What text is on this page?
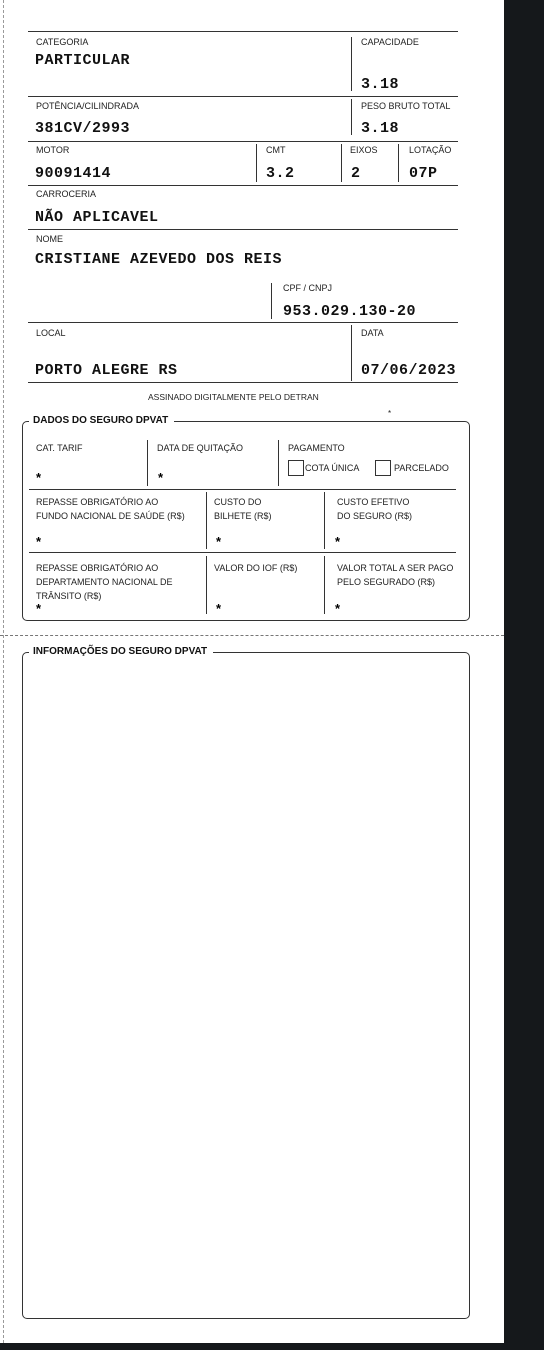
CATEGORIA
PARTICULAR
CAPACIDADE
3.18
POTÊNCIA/CILINDRADA
381CV/2993
PESO BRUTO TOTAL
3.18
MOTOR
90091414
CMT
3.2
EIXOS
2
LOTAÇÃO
07P
CARROCERIA
NÃO APLICAVEL
NOME
CRISTIANE AZEVEDO DOS REIS
CPF / CNPJ
953.029.130-20
LOCAL
PORTO ALEGRE RS
DATA
07/06/2023
ASSINADO DIGITALMENTE PELO DETRAN
*
DADOS DO SEGURO DPVAT
CAT. TARIF
*
DATA DE QUITAÇÃO
*
PAGAMENTO
COTA ÚNICA	PARCELADO
REPASSE OBRIGATÓRIO AO
FUNDO NACIONAL DE SAÚDE (R$)
*
CUSTO DO
BILHETE (R$)
*
CUSTO EFETIVO
DO SEGURO (R$)
*
REPASSE OBRIGATÓRIO AO
DEPARTAMENTO NACIONAL DE
TRÂNSITO (R$)
*
VALOR DO IOF (R$)
*
VALOR TOTAL A SER PAGO
PELO SEGURADO (R$)
*
INFORMAÇÕES DO SEGURO DPVAT
